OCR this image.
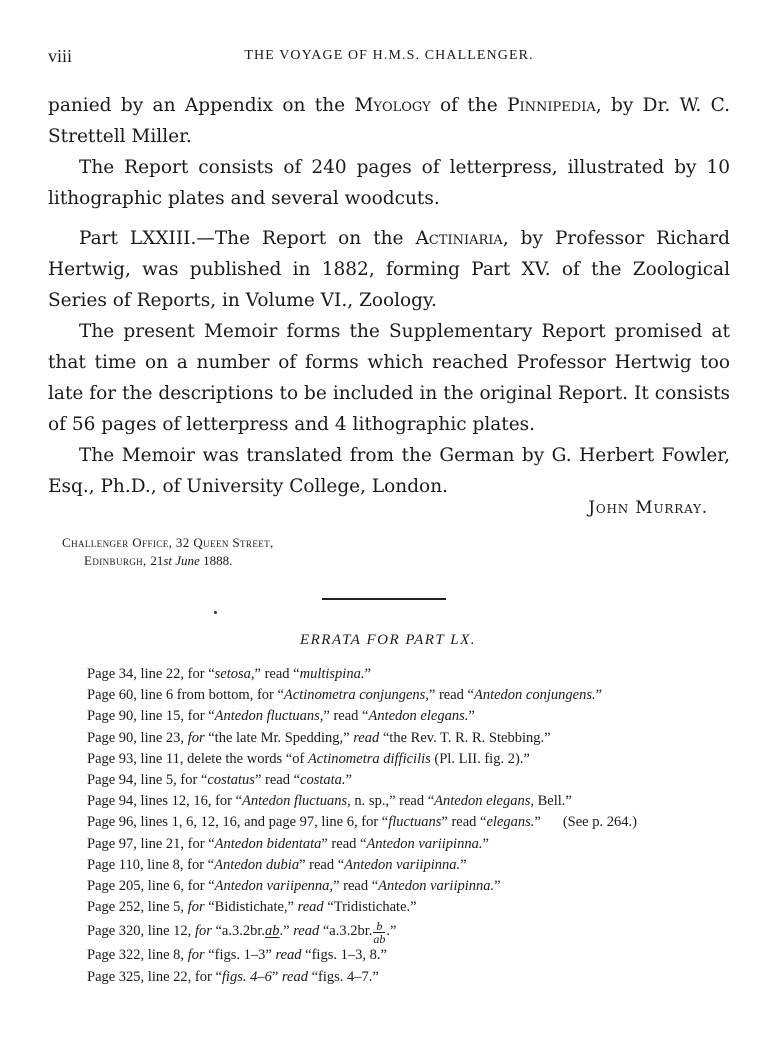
viii	THE VOYAGE OF H.M.S. CHALLENGER.

panied by an Appendix on the Myology of the Pinnipedia, by Dr. W. C. Strettell Miller.

The Report consists of 240 pages of letterpress, illustrated by 10 lithographic plates and several woodcuts.

Part LXXIII.—The Report on the Actiniaria, by Professor Richard Hertwig, was published in 1882, forming Part XV. of the Zoological Series of Reports, in Volume VI., Zoology.

The present Memoir forms the Supplementary Report promised at that time on a number of forms which reached Professor Hertwig too late for the descriptions to be included in the original Report. It consists of 56 pages of letterpress and 4 lithographic plates.

The Memoir was translated from the German by G. Herbert Fowler, Esq., Ph.D., of University College, London.

John Murray.
Challenger Office, 32 Queen Street,
Edinburgh, 21st June 1888.
ERRATA FOR PART LX.
Page 34, line 22, for “setosa,” read “multispina.”
Page 60, line 6 from bottom, for “Actinometra conjungens,” read “Antedon conjungens.”
Page 90, line 15, for “Antedon fluctuans,” read “Antedon elegans.”
Page 90, line 23, for “the late Mr. Spedding,” read “the Rev. T. R. R. Stebbing.”
Page 93, line 11, delete the words “of Actinometra difficilis (Pl. LII. fig. 2).”
Page 94, line 5, for “costatus” read “costata.”
Page 94, lines 12, 16, for “Antedon fluctuans, n. sp.,” read “Antedon elegans, Bell.”
Page 96, lines 1, 6, 12, 16, and page 97, line 6, for “fluctuans” read “elegans.” (See p. 264.)
Page 97, line 21, for “Antedon bidentata” read “Antedon variipinna.”
Page 110, line 8, for “Antedon dubia” read “Antedon variipinna.”
Page 205, line 6, for “Antedon variipenna,” read “Antedon variipinna.”
Page 252, line 5, for “Bidistichate,” read “Tridistichate.”
Page 320, line 12, for “a.3.2br.ab.” read “a.3.2br. $\frac{b}{ab}$ .”
Page 322, line 8, for “figs. 1–3” read “figs. 1–3, 8.”
Page 325, line 22, for “figs. 4–6” read “figs. 4–7.”
